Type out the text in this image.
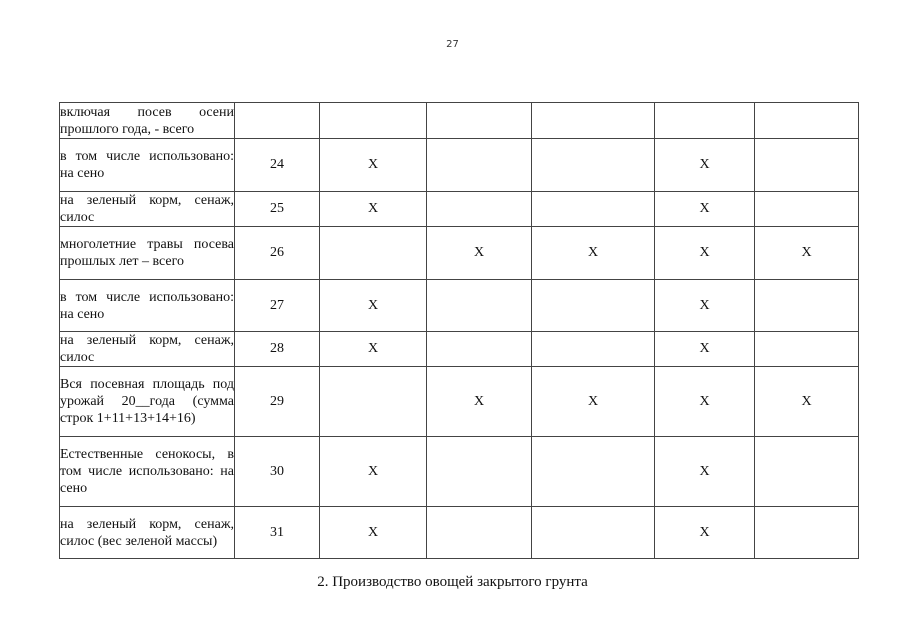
27
включая посев осени прошлого года, - всего						
в том числе использовано: на сено	24	Х			Х	
на зеленый корм, сенаж, силос	25	Х			Х	
многолетние травы посева прошлых лет – всего	26		Х	Х	Х	Х
в том числе использовано: на сено	27	Х			Х	
на зеленый корм, сенаж, силос	28	Х			Х	
Вся посевная площадь под урожай 20__года (сумма строк 1+11+13+14+16)	29		Х	Х	Х	Х
Естественные сенокосы, в том числе использовано: на сено	30	Х			Х	
на зеленый корм, сенаж, силос (вес зеленой массы)	31	Х			Х	
2. Производство овощей закрытого грунта
